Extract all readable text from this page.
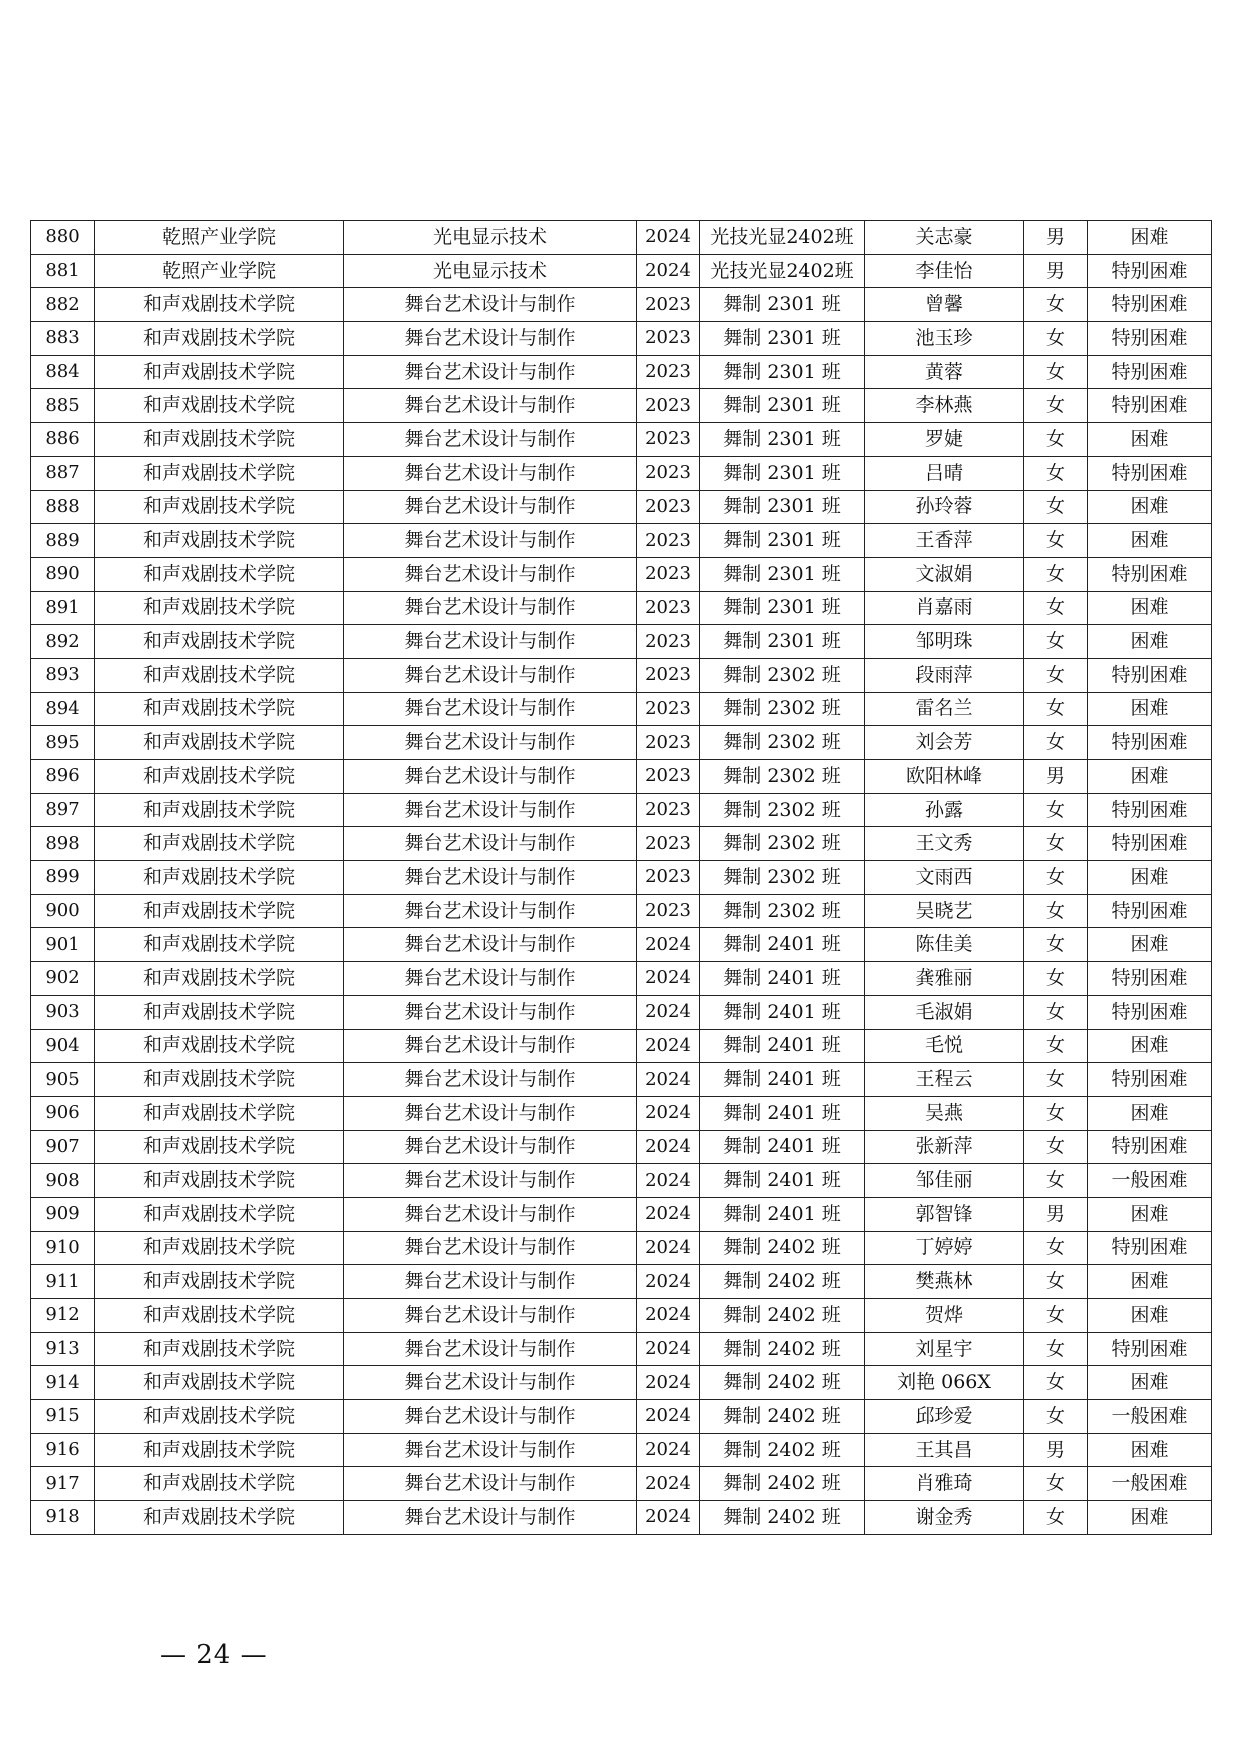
880	乾照产业学院	光电显示技术	2024	光技光显2402班	关志豪	男	困难
881	乾照产业学院	光电显示技术	2024	光技光显2402班	李佳怡	男	特别困难
882	和声戏剧技术学院	舞台艺术设计与制作	2023	舞制 2301 班	曾馨	女	特别困难
883	和声戏剧技术学院	舞台艺术设计与制作	2023	舞制 2301 班	池玉珍	女	特别困难
884	和声戏剧技术学院	舞台艺术设计与制作	2023	舞制 2301 班	黄蓉	女	特别困难
885	和声戏剧技术学院	舞台艺术设计与制作	2023	舞制 2301 班	李林燕	女	特别困难
886	和声戏剧技术学院	舞台艺术设计与制作	2023	舞制 2301 班	罗婕	女	困难
887	和声戏剧技术学院	舞台艺术设计与制作	2023	舞制 2301 班	吕晴	女	特别困难
888	和声戏剧技术学院	舞台艺术设计与制作	2023	舞制 2301 班	孙玲蓉	女	困难
889	和声戏剧技术学院	舞台艺术设计与制作	2023	舞制 2301 班	王香萍	女	困难
890	和声戏剧技术学院	舞台艺术设计与制作	2023	舞制 2301 班	文淑娟	女	特别困难
891	和声戏剧技术学院	舞台艺术设计与制作	2023	舞制 2301 班	肖嘉雨	女	困难
892	和声戏剧技术学院	舞台艺术设计与制作	2023	舞制 2301 班	邹明珠	女	困难
893	和声戏剧技术学院	舞台艺术设计与制作	2023	舞制 2302 班	段雨萍	女	特别困难
894	和声戏剧技术学院	舞台艺术设计与制作	2023	舞制 2302 班	雷名兰	女	困难
895	和声戏剧技术学院	舞台艺术设计与制作	2023	舞制 2302 班	刘会芳	女	特别困难
896	和声戏剧技术学院	舞台艺术设计与制作	2023	舞制 2302 班	欧阳林峰	男	困难
897	和声戏剧技术学院	舞台艺术设计与制作	2023	舞制 2302 班	孙露	女	特别困难
898	和声戏剧技术学院	舞台艺术设计与制作	2023	舞制 2302 班	王文秀	女	特别困难
899	和声戏剧技术学院	舞台艺术设计与制作	2023	舞制 2302 班	文雨西	女	困难
900	和声戏剧技术学院	舞台艺术设计与制作	2023	舞制 2302 班	吴晓艺	女	特别困难
901	和声戏剧技术学院	舞台艺术设计与制作	2024	舞制 2401 班	陈佳美	女	困难
902	和声戏剧技术学院	舞台艺术设计与制作	2024	舞制 2401 班	龚雅丽	女	特别困难
903	和声戏剧技术学院	舞台艺术设计与制作	2024	舞制 2401 班	毛淑娟	女	特别困难
904	和声戏剧技术学院	舞台艺术设计与制作	2024	舞制 2401 班	毛悦	女	困难
905	和声戏剧技术学院	舞台艺术设计与制作	2024	舞制 2401 班	王程云	女	特别困难
906	和声戏剧技术学院	舞台艺术设计与制作	2024	舞制 2401 班	吴燕	女	困难
907	和声戏剧技术学院	舞台艺术设计与制作	2024	舞制 2401 班	张新萍	女	特别困难
908	和声戏剧技术学院	舞台艺术设计与制作	2024	舞制 2401 班	邹佳丽	女	一般困难
909	和声戏剧技术学院	舞台艺术设计与制作	2024	舞制 2401 班	郭智锋	男	困难
910	和声戏剧技术学院	舞台艺术设计与制作	2024	舞制 2402 班	丁婷婷	女	特别困难
911	和声戏剧技术学院	舞台艺术设计与制作	2024	舞制 2402 班	樊燕林	女	困难
912	和声戏剧技术学院	舞台艺术设计与制作	2024	舞制 2402 班	贺烨	女	困难
913	和声戏剧技术学院	舞台艺术设计与制作	2024	舞制 2402 班	刘星宇	女	特别困难
914	和声戏剧技术学院	舞台艺术设计与制作	2024	舞制 2402 班	刘艳 066X	女	困难
915	和声戏剧技术学院	舞台艺术设计与制作	2024	舞制 2402 班	邱珍爱	女	一般困难
916	和声戏剧技术学院	舞台艺术设计与制作	2024	舞制 2402 班	王其昌	男	困难
917	和声戏剧技术学院	舞台艺术设计与制作	2024	舞制 2402 班	肖雅琦	女	一般困难
918	和声戏剧技术学院	舞台艺术设计与制作	2024	舞制 2402 班	谢金秀	女	困难
— 24 —
